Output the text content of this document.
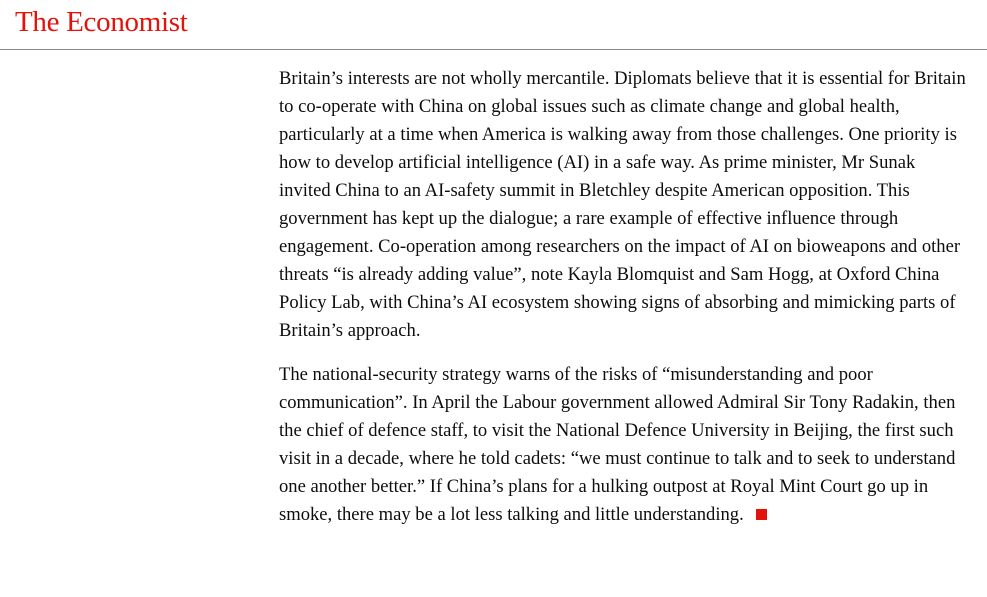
The Economist

Britain’s interests are not wholly mercantile. Diplomats believe that it is essential for Britain to co-operate with China on global issues such as climate change and global health, particularly at a time when America is walking away from those challenges. One priority is how to develop artificial intelligence (AI) in a safe way. As prime minister, Mr Sunak invited China to an AI-safety summit in Bletchley despite American opposition. This government has kept up the dialogue; a rare example of effective influence through engagement. Co-operation among researchers on the impact of AI on bioweapons and other threats “is already adding value”, note Kayla Blomquist and Sam Hogg, at Oxford China Policy Lab, with China’s AI ecosystem showing signs of absorbing and mimicking parts of Britain’s approach.

The national-security strategy warns of the risks of “misunderstanding and poor communication”. In April the Labour government allowed Admiral Sir Tony Radakin, then the chief of defence staff, to visit the National Defence University in Beijing, the first such visit in a decade, where he told cadets: “we must continue to talk and to seek to understand one another better.” If China’s plans for a hulking outpost at Royal Mint Court go up in smoke, there may be a lot less talking and little understanding.
